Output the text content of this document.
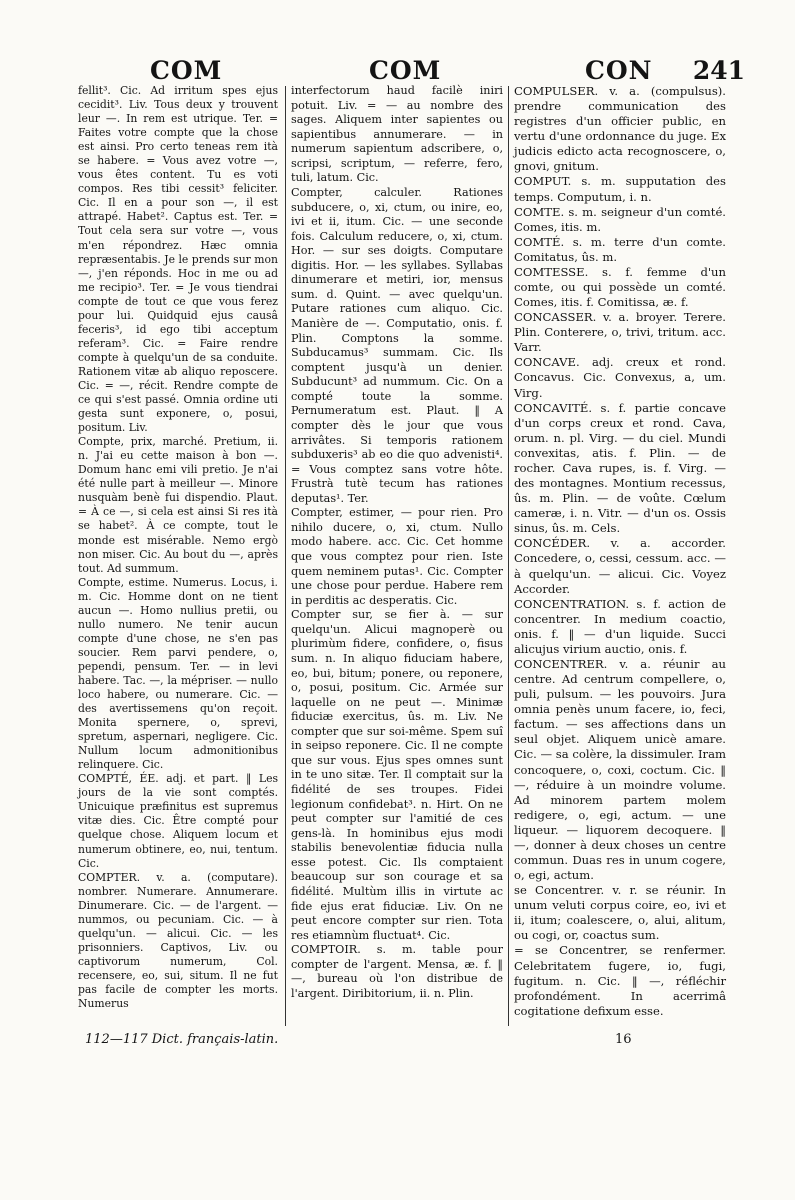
COM	COM	CON 241

fellit³. Cic. Ad irritum spes ejus cecidit³. Liv. Tous deux y trouvent leur —. In rem est utrique. Ter. = Faites votre compte que la chose est ainsi. Pro certo teneas rem ità se habere. = Vous avez votre —, vous êtes content. Tu es voti compos. Res tibi cessit³ feliciter. Cic. Il en a pour son —, il est attrapé. Habet². Captus est. Ter. = Tout cela sera sur votre —, vous m'en répondrez. Hæc omnia repræsentabis. Je le prends sur mon —, j'en réponds. Hoc in me ou ad me recipio³. Ter. = Je vous tiendrai compte de tout ce que vous ferez pour lui. Quidquid ejus causâ feceris³, id ego tibi acceptum referam³. Cic. = Faire rendre compte à quelqu'un de sa conduite. Rationem vitæ ab aliquo reposcere. Cic. = —, récit. Rendre compte de ce qui s'est passé. Omnia ordine uti gesta sunt exponere, o, posui, positum. Liv.

Compte, prix, marché. Pretium, ii. n. J'ai eu cette maison à bon —. Domum hanc emi vili pretio. Je n'ai été nulle part à meilleur —. Minore nusquàm benè fui dispendio. Plaut. = À ce —, si cela est ainsi Si res ità se habet². À ce compte, tout le monde est misérable. Nemo ergò non miser. Cic. Au bout du —, après tout. Ad summum.

Compte, estime. Numerus. Locus, i. m. Cic. Homme dont on ne tient aucun —. Homo nullius pretii, ou nullo numero. Ne tenir aucun compte d'une chose, ne s'en pas soucier. Rem parvi pendere, o, pependi, pensum. Ter. — in levi habere. Tac. —, la mépriser. — nullo loco habere, ou numerare. Cic. — des avertissemens qu'on reçoit. Monita spernere, o, sprevi, spretum, aspernari, negligere. Cic. Nullum locum admonitionibus relinquere. Cic.

COMPTÉ, ÉE. adj. et part. ‖ Les jours de la vie sont comptés. Unicuique præfinitus est supremus vitæ dies. Cic. Être compté pour quelque chose. Aliquem locum et numerum obtinere, eo, nui, tentum. Cic.

COMPTER. v. a. (computare). nombrer. Numerare. Annumerare. Dinumerare. Cic. — de l'argent. — nummos, ou pecuniam. Cic. — à quelqu'un. — alicui. Cic. — les prisonniers. Captivos, Liv. ou captivorum numerum, Col. recensere, eo, sui, situm. Il ne fut pas facile de compter les morts. Numerus

interfectorum haud facilè iniri potuit. Liv. = — au nombre des sages. Aliquem inter sapientes ou sapientibus annumerare. — in numerum sapientum adscribere, o, scripsi, scriptum, — referre, fero, tuli, latum. Cic.

Compter, calculer. Rationes subducere, o, xi, ctum, ou inire, eo, ivi et ii, itum. Cic. — une seconde fois. Calculum reducere, o, xi, ctum. Hor. — sur ses doigts. Computare digitis. Hor. — les syllabes. Syllabas dinumerare et metiri, ior, mensus sum. d. Quint. — avec quelqu'un. Putare rationes cum aliquo. Cic. Manière de —. Computatio, onis. f. Plin. Comptons la somme. Subducamus³ summam. Cic. Ils comptent jusqu'à un denier. Subducunt³ ad nummum. Cic. On a compté toute la somme. Pernumeratum est. Plaut. ‖ A compter dès le jour que vous arrivâtes. Si temporis rationem subduxeris³ ab eo die quo advenisti⁴. = Vous comptez sans votre hôte. Frustrà tutè tecum has rationes deputas¹. Ter.

Compter, estimer, — pour rien. Pro nihilo ducere, o, xi, ctum. Nullo modo habere. acc. Cic. Cet homme que vous comptez pour rien. Iste quem neminem putas¹. Cic. Compter une chose pour perdue. Habere rem in perditis ac desperatis. Cic.

Compter sur, se fier à. — sur quelqu'un. Alicui magnoperè ou plurimùm fidere, confidere, o, fisus sum. n. In aliquo fiduciam habere, eo, bui, bitum; ponere, ou reponere, o, posui, positum. Cic. Armée sur laquelle on ne peut —. Minimæ fiduciæ exercitus, ûs. m. Liv. Ne compter que sur soi-même. Spem suî in seipso reponere. Cic. Il ne compte que sur vous. Ejus spes omnes sunt in te uno sitæ. Ter. Il comptait sur la fidélité de ses troupes. Fidei legionum confidebat³. n. Hirt. On ne peut compter sur l'amitié de ces gens-là. In hominibus ejus modi stabilis benevolentiæ fiducia nulla esse potest. Cic. Ils comptaient beaucoup sur son courage et sa fidélité. Multùm illis in virtute ac fide ejus erat fiduciæ. Liv. On ne peut encore compter sur rien. Tota res etiamnùm fluctuat⁴. Cic.

COMPTOIR. s. m. table pour compter de l'argent. Mensa, æ. f. ‖ —, bureau où l'on distribue de l'argent. Diribitorium, ii. n. Plin.

COMPULSER. v. a. (compulsus). prendre communication des registres d'un officier public, en vertu d'une ordonnance du juge. Ex judicis edicto acta recognoscere, o, gnovi, gnitum.

COMPUT. s. m. supputation des temps. Computum, i. n.

COMTE. s. m. seigneur d'un comté. Comes, itis. m.

COMTÉ. s. m. terre d'un comte. Comitatus, ûs. m.

COMTESSE. s. f. femme d'un comte, ou qui possède un comté. Comes, itis. f. Comitissa, æ. f.

CONCASSER. v. a. broyer. Terere. Plin. Conterere, o, trivi, tritum. acc. Varr.

CONCAVE. adj. creux et rond. Concavus. Cic. Convexus, a, um. Virg.

CONCAVITÉ. s. f. partie concave d'un corps creux et rond. Cava, orum. n. pl. Virg. — du ciel. Mundi convexitas, atis. f. Plin. — de rocher. Cava rupes, is. f. Virg. — des montagnes. Montium recessus, ûs. m. Plin. — de voûte. Cœlum cameræ, i. n. Vitr. — d'un os. Ossis sinus, ûs. m. Cels.

CONCÉDER. v. a. accorder. Concedere, o, cessi, cessum. acc. — à quelqu'un. — alicui. Cic. Voyez Accorder.

CONCENTRATION. s. f. action de concentrer. In medium coactio, onis. f. ‖ — d'un liquide. Succi alicujus virium auctio, onis. f.

CONCENTRER. v. a. réunir au centre. Ad centrum compellere, o, puli, pulsum. — les pouvoirs. Jura omnia penès unum facere, io, feci, factum. — ses affections dans un seul objet. Aliquem unicè amare. Cic. — sa colère, la dissimuler. Iram concoquere, o, coxi, coctum. Cic. ‖ —, réduire à un moindre volume. Ad minorem partem molem redigere, o, egi, actum. — une liqueur. — liquorem decoquere. ‖ —, donner à deux choses un centre commun. Duas res in unum cogere, o, egi, actum.

se Concentrer. v. r. se réunir. In unum veluti corpus coire, eo, ivi et ii, itum; coalescere, o, alui, alitum, ou cogi, or, coactus sum.

= se Concentrer, se renfermer. Celebritatem fugere, io, fugi, fugitum. n. Cic. ‖ —, réfléchir profondément. In acerrimâ cogitatione defixum esse.

112—117 Dict. français-latin.	16
